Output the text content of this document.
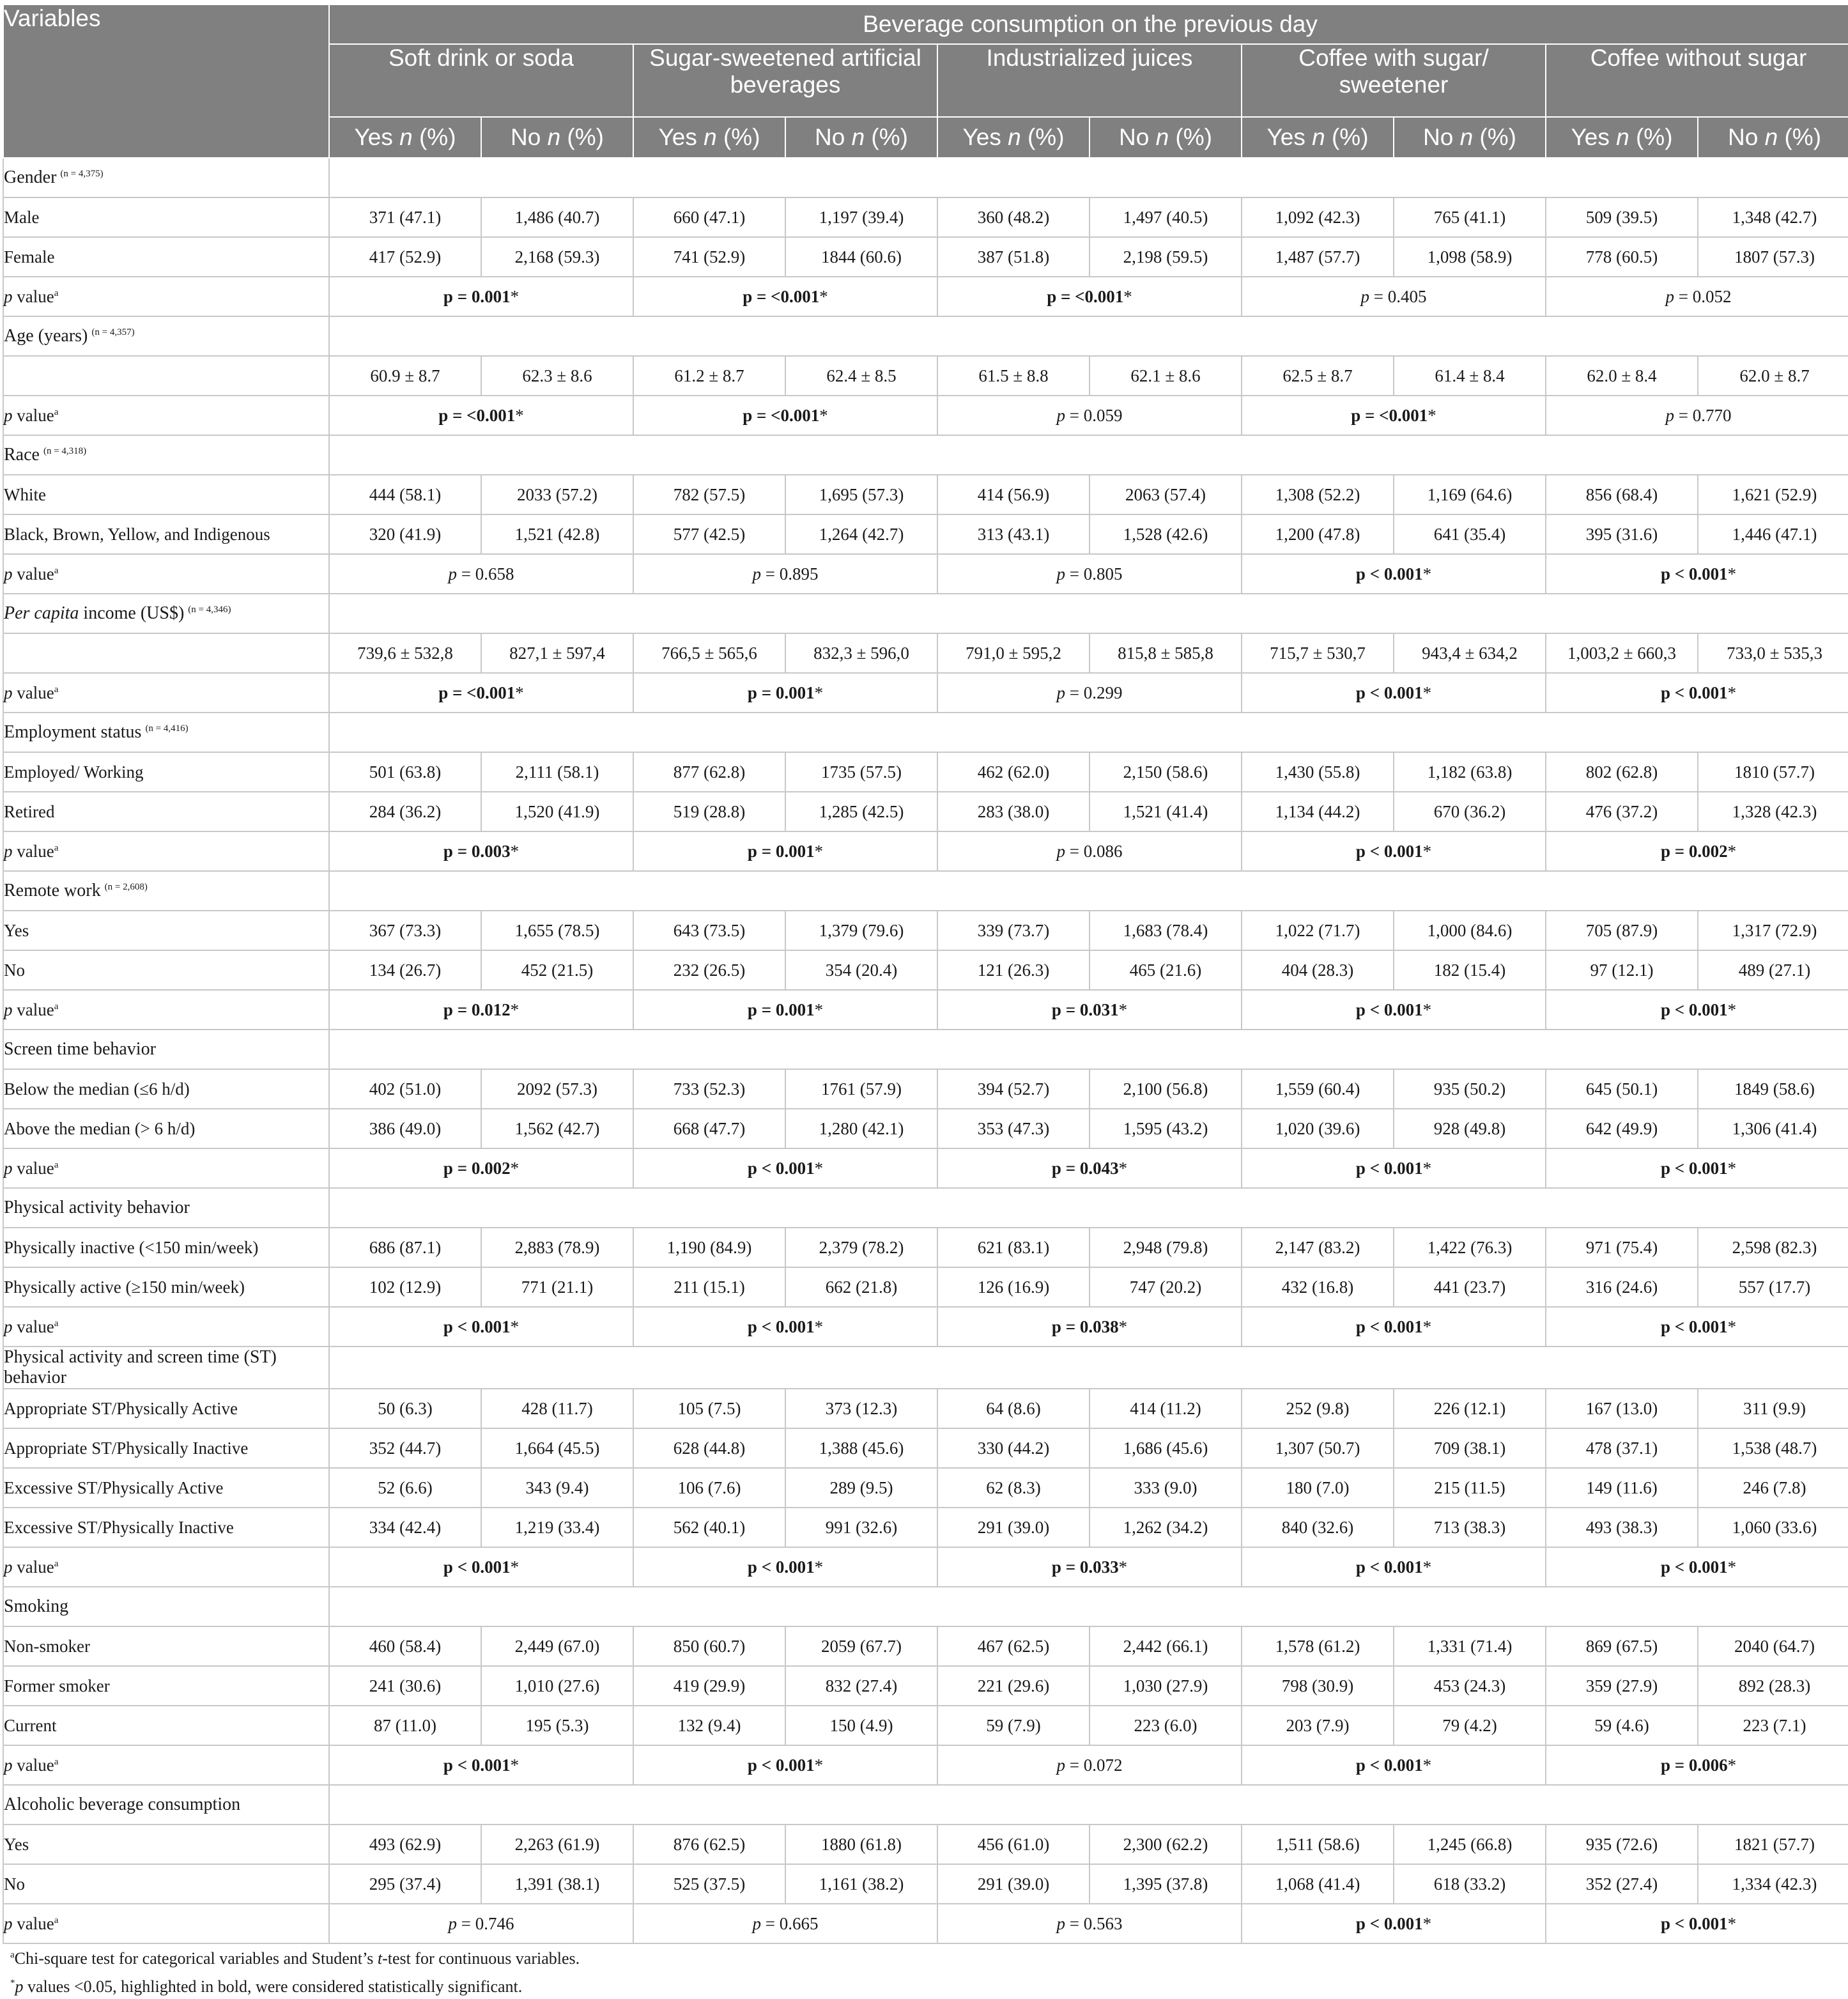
Variables	Beverage consumption on the previous day									
	Soft drink or soda		Sugar-sweetened artificial beverages		Industrialized juices		Coffee with sugar/ sweetener		Coffee without sugar	
	Yes n (%)	No n (%)	Yes n (%)	No n (%)	Yes n (%)	No n (%)	Yes n (%)	No n (%)	Yes n (%)	No n (%)
Gender $^{(n = 4,375)}$	
Male	371 (47.1)	1,486 (40.7)	660 (47.1)	1,197 (39.4)	360 (48.2)	1,497 (40.5)	1,092 (42.3)	765 (41.1)	509 (39.5)	1,348 (42.7)
Female	417 (52.9)	2,168 (59.3)	741 (52.9)	1844 (60.6)	387 (51.8)	2,198 (59.5)	1,487 (57.7)	1,098 (58.9)	778 (60.5)	1807 (57.3)
p value$^a$	p = 0.001*		p = <0.001*		p = <0.001*		p = 0.405		p = 0.052	
Age (years) $^{(n = 4,357)}$	
	60.9 ± 8.7	62.3 ± 8.6	61.2 ± 8.7	62.4 ± 8.5	61.5 ± 8.8	62.1 ± 8.6	62.5 ± 8.7	61.4 ± 8.4	62.0 ± 8.4	62.0 ± 8.7
p value$^a$	p = <0.001*		p = <0.001*		p = 0.059		p = <0.001*		p = 0.770	
Race $^{(n = 4,318)}$	
White	444 (58.1)	2033 (57.2)	782 (57.5)	1,695 (57.3)	414 (56.9)	2063 (57.4)	1,308 (52.2)	1,169 (64.6)	856 (68.4)	1,621 (52.9)
Black, Brown, Yellow, and Indigenous	320 (41.9)	1,521 (42.8)	577 (42.5)	1,264 (42.7)	313 (43.1)	1,528 (42.6)	1,200 (47.8)	641 (35.4)	395 (31.6)	1,446 (47.1)
p value$^a$	p = 0.658		p = 0.895		p = 0.805		p < 0.001*		p < 0.001*	
Per capita income (US$) $^{(n = 4,346)}$	
	739,6 ± 532,8	827,1 ± 597,4	766,5 ± 565,6	832,3 ± 596,0	791,0 ± 595,2	815,8 ± 585,8	715,7 ± 530,7	943,4 ± 634,2	1,003,2 ± 660,3	733,0 ± 535,3
p value$^a$	p = <0.001*		p = 0.001*		p = 0.299		p < 0.001*		p < 0.001*	
Employment status $^{(n = 4,416)}$	
Employed/ Working	501 (63.8)	2,111 (58.1)	877 (62.8)	1735 (57.5)	462 (62.0)	2,150 (58.6)	1,430 (55.8)	1,182 (63.8)	802 (62.8)	1810 (57.7)
Retired	284 (36.2)	1,520 (41.9)	519 (28.8)	1,285 (42.5)	283 (38.0)	1,521 (41.4)	1,134 (44.2)	670 (36.2)	476 (37.2)	1,328 (42.3)
p value$^a$	p = 0.003*		p = 0.001*		p = 0.086		p < 0.001*		p = 0.002*	
Remote work $^{(n = 2,608)}$	
Yes	367 (73.3)	1,655 (78.5)	643 (73.5)	1,379 (79.6)	339 (73.7)	1,683 (78.4)	1,022 (71.7)	1,000 (84.6)	705 (87.9)	1,317 (72.9)
No	134 (26.7)	452 (21.5)	232 (26.5)	354 (20.4)	121 (26.3)	465 (21.6)	404 (28.3)	182 (15.4)	97 (12.1)	489 (27.1)
p value$^a$	p = 0.012*		p = 0.001*		p = 0.031*		p < 0.001*		p < 0.001*	
Screen time behavior										
Below the median (≤6 h/d)	402 (51.0)	2092 (57.3)	733 (52.3)	1761 (57.9)	394 (52.7)	2,100 (56.8)	1,559 (60.4)	935 (50.2)	645 (50.1)	1849 (58.6)
Above the median (> 6 h/d)	386 (49.0)	1,562 (42.7)	668 (47.7)	1,280 (42.1)	353 (47.3)	1,595 (43.2)	1,020 (39.6)	928 (49.8)	642 (49.9)	1,306 (41.4)
p value$^a$	p = 0.002*		p < 0.001*		p = 0.043*		p < 0.001*		p < 0.001*	
Physical activity behavior										
Physically inactive (<150 min/week)	686 (87.1)	2,883 (78.9)	1,190 (84.9)	2,379 (78.2)	621 (83.1)	2,948 (79.8)	2,147 (83.2)	1,422 (76.3)	971 (75.4)	2,598 (82.3)
Physically active (≥150 min/week)	102 (12.9)	771 (21.1)	211 (15.1)	662 (21.8)	126 (16.9)	747 (20.2)	432 (16.8)	441 (23.7)	316 (24.6)	557 (17.7)
p value$^a$	p < 0.001*		p < 0.001*		p = 0.038*		p < 0.001*		p < 0.001*	
Physical activity and screen time (ST) behavior										
Appropriate ST/Physically Active	50 (6.3)	428 (11.7)	105 (7.5)	373 (12.3)	64 (8.6)	414 (11.2)	252 (9.8)	226 (12.1)	167 (13.0)	311 (9.9)
Appropriate ST/Physically Inactive	352 (44.7)	1,664 (45.5)	628 (44.8)	1,388 (45.6)	330 (44.2)	1,686 (45.6)	1,307 (50.7)	709 (38.1)	478 (37.1)	1,538 (48.7)
Excessive ST/Physically Active	52 (6.6)	343 (9.4)	106 (7.6)	289 (9.5)	62 (8.3)	333 (9.0)	180 (7.0)	215 (11.5)	149 (11.6)	246 (7.8)
Excessive ST/Physically Inactive	334 (42.4)	1,219 (33.4)	562 (40.1)	991 (32.6)	291 (39.0)	1,262 (34.2)	840 (32.6)	713 (38.3)	493 (38.3)	1,060 (33.6)
p value$^a$	p < 0.001*		p < 0.001*		p = 0.033*		p < 0.001*		p < 0.001*	
Smoking										
Non-smoker	460 (58.4)	2,449 (67.0)	850 (60.7)	2059 (67.7)	467 (62.5)	2,442 (66.1)	1,578 (61.2)	1,331 (71.4)	869 (67.5)	2040 (64.7)
Former smoker	241 (30.6)	1,010 (27.6)	419 (29.9)	832 (27.4)	221 (29.6)	1,030 (27.9)	798 (30.9)	453 (24.3)	359 (27.9)	892 (28.3)
Current	87 (11.0)	195 (5.3)	132 (9.4)	150 (4.9)	59 (7.9)	223 (6.0)	203 (7.9)	79 (4.2)	59 (4.6)	223 (7.1)
p value$^a$	p < 0.001*		p < 0.001*		p = 0.072		p < 0.001*		p = 0.006*	
Alcoholic beverage consumption										
Yes	493 (62.9)	2,263 (61.9)	876 (62.5)	1880 (61.8)	456 (61.0)	2,300 (62.2)	1,511 (58.6)	1,245 (66.8)	935 (72.6)	1821 (57.7)
No	295 (37.4)	1,391 (38.1)	525 (37.5)	1,161 (38.2)	291 (39.0)	1,395 (37.8)	1,068 (41.4)	618 (33.2)	352 (27.4)	1,334 (42.3)
p value$^a$	p = 0.746		p = 0.665		p = 0.563		p < 0.001*		p < 0.001*	
$^a$Chi-square test for categorical variables and Student’s t-test for continuous variables.
*p values <0.05, highlighted in bold, were considered statistically significant.
